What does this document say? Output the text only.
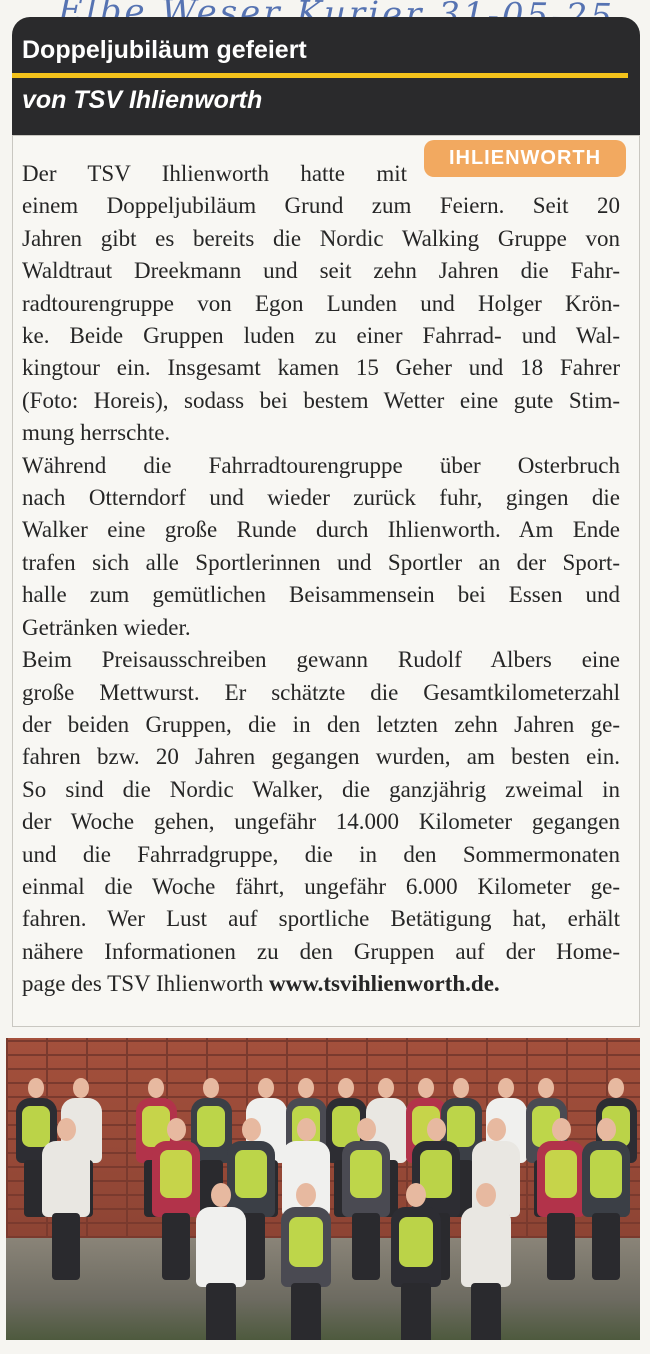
Doppeljubiläum gefeiert
von TSV Ihlienworth
IHLIENWORTH
Der TSV Ihlienworth hatte mit
einem Doppeljubiläum Grund zum Feiern. Seit 20
Jahren gibt es bereits die Nordic Walking Gruppe von
Waldtraut Dreekmann und seit zehn Jahren die Fahr-
radtourengruppe von Egon Lunden und Holger Krön-
ke. Beide Gruppen luden zu einer Fahrrad- und Wal-
kingtour ein. Insgesamt kamen 15 Geher und 18 Fahrer
(Foto: Horeis), sodass bei bestem Wetter eine gute Stim-
mung herrschte.
Während die Fahrradtourengruppe über Osterbruch
nach Otterndorf und wieder zurück fuhr, gingen die
Walker eine große Runde durch Ihlienworth. Am Ende
trafen sich alle Sportlerinnen und Sportler an der Sport-
halle zum gemütlichen Beisammensein bei Essen und
Getränken wieder.
Beim Preisausschreiben gewann Rudolf Albers eine
große Mettwurst. Er schätzte die Gesamtkilometerzahl
der beiden Gruppen, die in den letzten zehn Jahren ge-
fahren bzw. 20 Jahren gegangen wurden, am besten ein.
So sind die Nordic Walker, die ganzjährig zweimal in
der Woche gehen, ungefähr 14.000 Kilometer gegangen
und die Fahrradgruppe, die in den Sommermonaten
einmal die Woche fährt, ungefähr 6.000 Kilometer ge-
fahren. Wer Lust auf sportliche Betätigung hat, erhält
nähere Informationen zu den Gruppen auf der Home-
page des TSV Ihlienworth www.tsvihlienworth.de.
